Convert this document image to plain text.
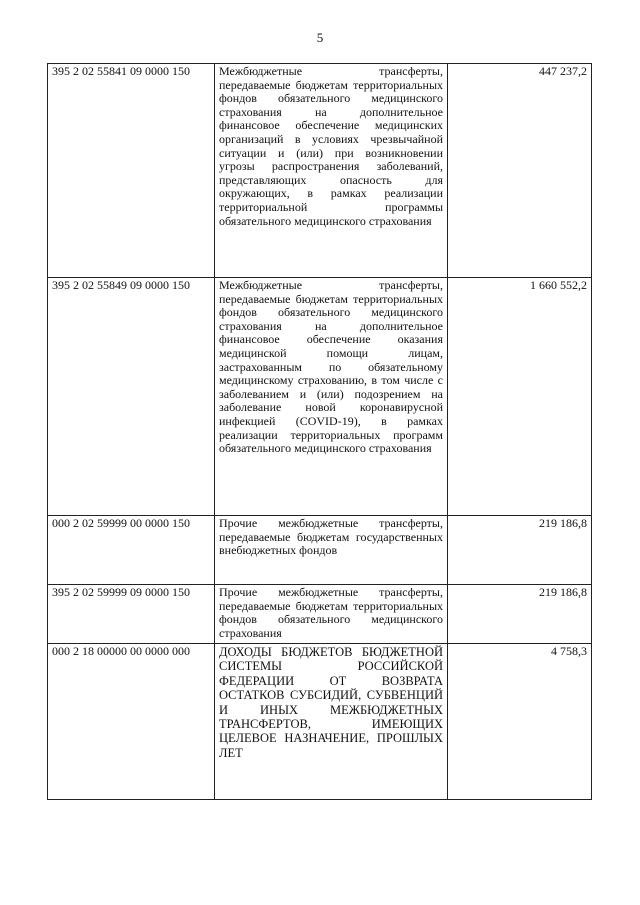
5
395 2 02 55841 09 0000 150	Межбюджетные трансферты, передаваемые бюджетам территориальных фондов обязательного медицинского страхования на дополнительное финансовое обеспечение медицинских организаций в условиях чрезвычайной ситуации и (или) при возникновении угрозы распространения заболеваний, представляющих опасность для окружающих, в рамках реализации территориальной программы обязательного медицинского страхования	447 237,2
395 2 02 55849 09 0000 150	Межбюджетные трансферты, передаваемые бюджетам территориальных фондов обязательного медицинского страхования на дополнительное финансовое обеспечение оказания медицинской помощи лицам, застрахованным по обязательному медицинскому страхованию, в том числе с заболеванием и (или) подозрением на заболевание новой коронавирусной инфекцией (COVID-19), в рамках реализации территориальных программ обязательного медицинского страхования	1 660 552,2
000 2 02 59999 00 0000 150	Прочие межбюджетные трансферты, передаваемые бюджетам государственных внебюджетных фондов	219 186,8
395 2 02 59999 09 0000 150	Прочие межбюджетные трансферты, передаваемые бюджетам территориальных фондов обязательного медицинского страхования	219 186,8
000 2 18 00000 00 0000 000	ДОХОДЫ БЮДЖЕТОВ БЮДЖЕТНОЙ СИСТЕМЫ РОССИЙСКОЙ ФЕДЕРАЦИИ ОТ ВОЗВРАТА ОСТАТКОВ СУБСИДИЙ, СУБВЕНЦИЙ И ИНЫХ МЕЖБЮДЖЕТНЫХ ТРАНСФЕРТОВ, ИМЕЮЩИХ ЦЕЛЕВОЕ НАЗНАЧЕНИЕ, ПРОШЛЫХ ЛЕТ	4 758,3
